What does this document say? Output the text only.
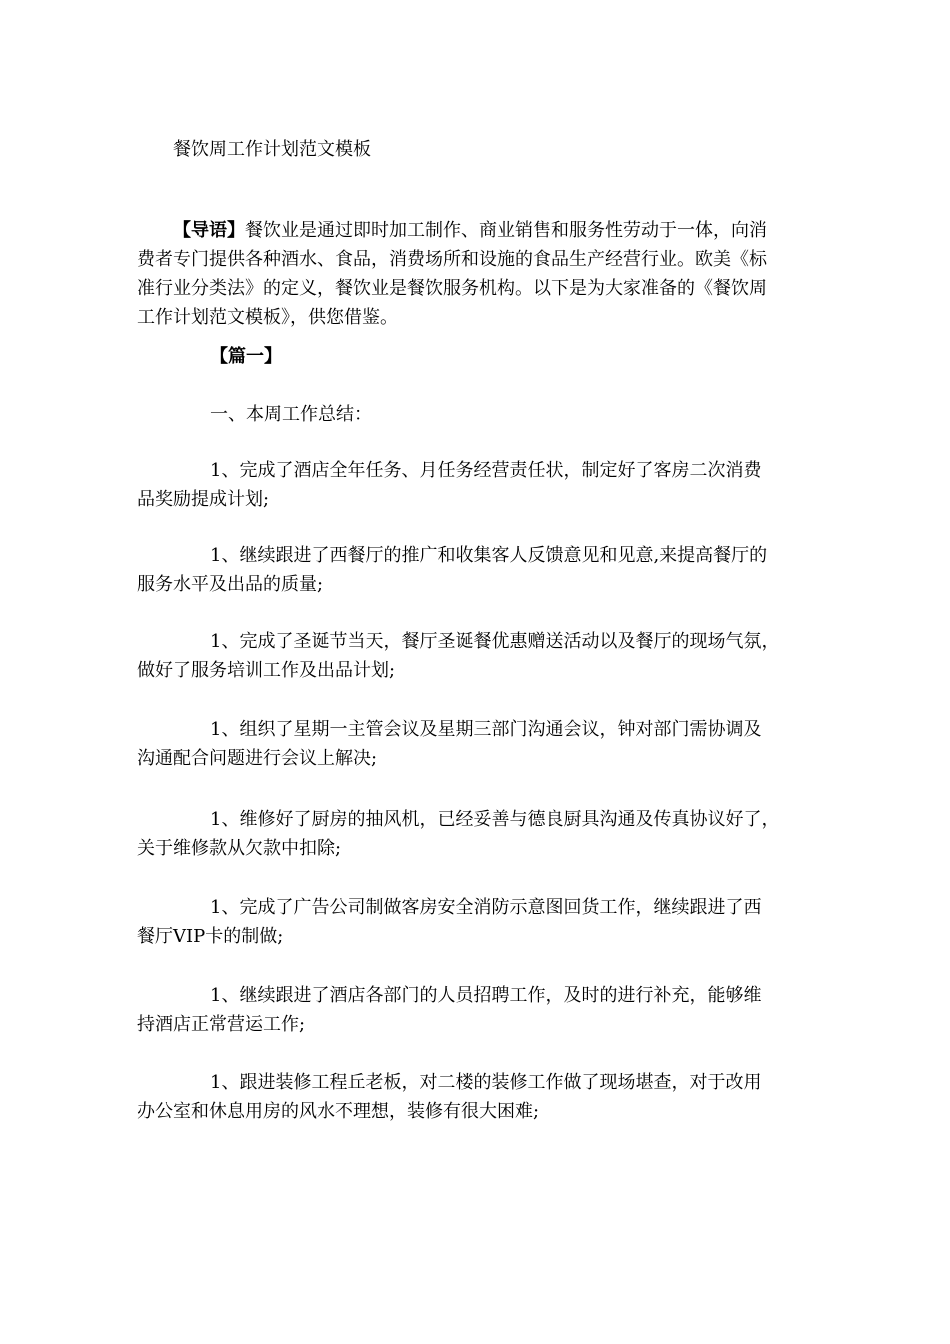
餐饮周工作计划范文模板
【导语】餐饮业是通过即时加工制作、商业销售和服务性劳动于一体，向消
费者专门提供各种酒水、食品，消费场所和设施的食品生产经营行业。欧美《标
准行业分类法》的定义，餐饮业是餐饮服务机构。以下是为大家准备的《餐饮周
工作计划范文模板》，供您借鉴。
【篇一】
一、本周工作总结：
1、完成了酒店全年任务、月任务经营责任状，制定好了客房二次消费
品奖励提成计划;
1、继续跟进了西餐厅的推广和收集客人反馈意见和见意,来提高餐厅的
服务水平及出品的质量;
1、完成了圣诞节当天，餐厅圣诞餐优惠赠送活动以及餐厅的现场气氛，
做好了服务培训工作及出品计划;
1、组织了星期一主管会议及星期三部门沟通会议，钟对部门需协调及
沟通配合问题进行会议上解决;
1、维修好了厨房的抽风机，已经妥善与德良厨具沟通及传真协议好了，
关于维修款从欠款中扣除;
1、完成了广告公司制做客房安全消防示意图回货工作，继续跟进了西
餐厅VIP卡的制做;
1、继续跟进了酒店各部门的人员招聘工作，及时的进行补充，能够维
持酒店正常营运工作;
1、跟进装修工程丘老板，对二楼的装修工作做了现场堪查，对于改用
办公室和休息用房的风水不理想，装修有很大困难;
